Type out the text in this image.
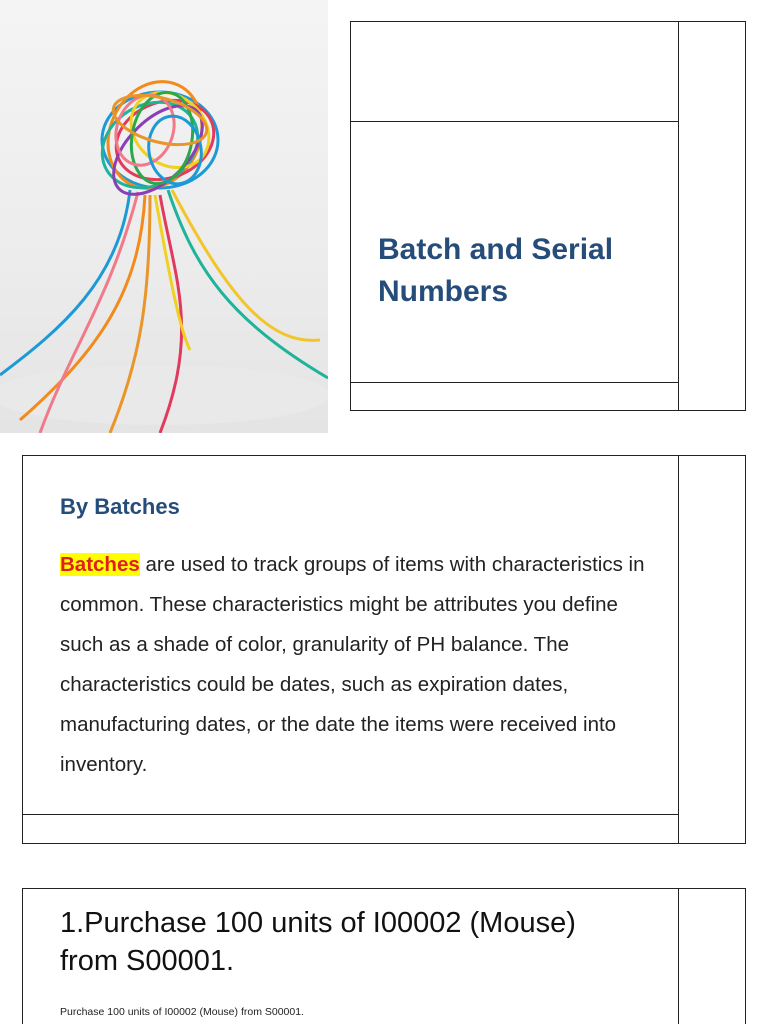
Batch and Serial
Numbers
By Batches
Batches are used to track groups of items with characteristics in common. These characteristics might be attributes you define such as a shade of color, granularity of PH balance. The characteristics could be dates, such as expiration dates, manufacturing dates, or the date the items were received into inventory.
1.Purchase 100 units of I00002 (Mouse)
from S00001.
Purchase 100 units of I00002 (Mouse) from S00001.
